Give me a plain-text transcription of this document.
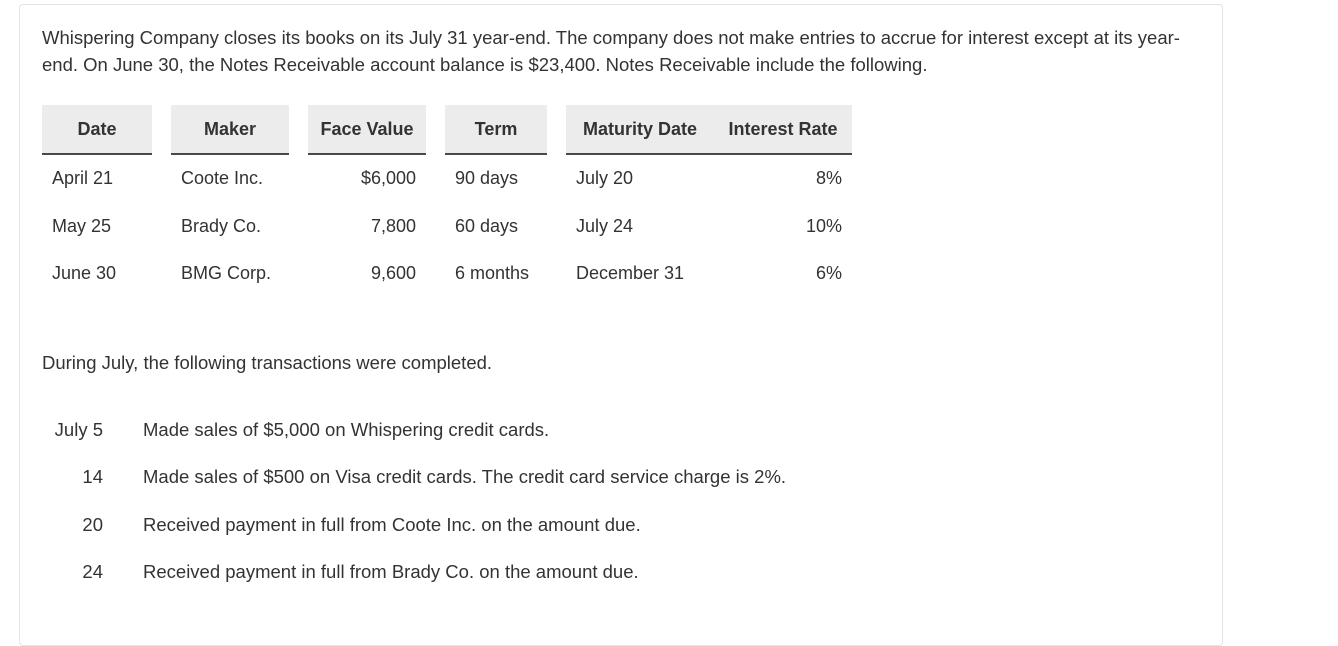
Whispering Company closes its books on its July 31 year-end. The company does not make entries to accrue for interest except at its year-end. On June 30, the Notes Receivable account balance is $23,400. Notes Receivable include the following.

Date		Maker		Face Value		Term		Maturity Date	Interest Rate
April 21		Coote Inc.		$6,000		90 days		July 20	8%
May 25		Brady Co.		7,800		60 days		July 24	10%
June 30		BMG Corp.		9,600		6 months		December 31	6%

During July, the following transactions were completed.

July 5	Made sales of $5,000 on Whispering credit cards.
14	Made sales of $500 on Visa credit cards. The credit card service charge is 2%.
20	Received payment in full from Coote Inc. on the amount due.
24	Received payment in full from Brady Co. on the amount due.
